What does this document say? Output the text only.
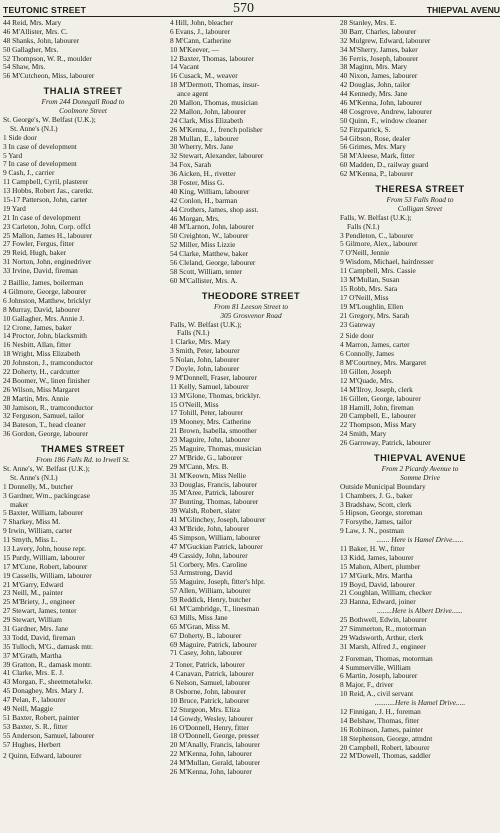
TEUTONIC STREET	570	THIEPVAL AVENU
44 Reid, Mrs. Mary
46 M'Allister, Mrs. C.
48 Shanks, John, labourer
50 Gallagher, Mrs.
52 Thompson, W. R., moulder
54 Shaw, Mrs.
56 M'Cutcheon, Miss, labourer
THALIA STREET
From 244 Donegall Road to
Coolmore Street
St. George's, W. Belfast (U.K.);
St. Anne's (N.I.)
1 Side door
3 In case of development
5 Yard
7 In case of development
9 Cash, J., carrier
11 Campbell, Cyril, plasterer
13 Hobbs, Robert Jas., caretkr.
15-17 Patterson, John, carter
19 Yard
21 In case of development
23 Carleton, John, Corp. offcl
25 Mallon, James H., labourer
27 Fowler, Fergus, fitter
29 Reid, Hugh, baker
31 Norton, John, enginedriver
33 Irvine, David, fireman
2 Baillie, James, boilerman
4 Gilmore, George, labourer
6 Johnston, Matthew, bricklyr
8 Murray, David, labourer
10 Gallagher, Mrs. Annie J.
12 Crone, James, baker
14 Proctor, John, blacksmith
16 Nesbitt, Allan, fitter
18 Wright, Miss Elizabeth
20 Johnston, J., tramconductor
22 Doherty, H., cardcutter
24 Boomer, W., linen finisher
26 Wilson, Miss Margaret
28 Martin, Mrs. Annie
30 Jamison, R., tramconductor
32 Ferguson, Samuel, tailor
34 Bateson, T., head cleaner
36 Gordon, George, labourer
THAMES STREET
From 186 Falls Rd. to Irwell St.
St. Anne's, W. Belfast (U.K.);
St. Anne's (N.I.)
1 Donnelly, M., butcher
3 Gardner, Wm., packingcase
maker
5 Baxter, William, labourer
7 Sharkey, Miss M.
9 Irwin, William, carter
11 Smyth, Miss L.
13 Lavery, John, house repr.
15 Purdy, William, labourer
17 M'Cune, Robert, labourer
19 Cassells, William, labourer
21 M'Garry, Edward
23 Neill, M., painter
25 M'Briety, J., engineer
27 Stewart, James, tenter
29 Stewart, William
31 Gardner, Mrs. Jane
33 Todd, David, fireman
35 Tulloch, M'G., damask mtr.
37 M'Grath, Martha
39 Gratton, R., damask montr.
41 Clarke, Mrs. E. J.
43 Morgan, F., sheetmetalwkr.
45 Donaghey, Mrs. Mary J.
47 Pelan, F., labourer
49 Neill, Maggie
51 Baxter, Robert, painter
53 Baxter, S. R., fitter
55 Anderson, Samuel, labourer
57 Hughes, Herbert
2 Quinn, Edward, labourer
4 Hill, John, bleacher
6 Evans, J., labourer
8 M'Cann, Catherine
10 M'Keever, —
12 Baxter, Thomas, labourer
14 Vacant
16 Cusack, M., weaver
18 M'Dermott, Thomas, insur-
ance agent
20 Mallon, Thomas, musician
22 Mallon, John, labourer
24 Clark, Miss Elizabeth
26 M'Kenna, J., french polisher
28 Mullan, E., labourer
30 Wherry, Mrs. Jane
32 Stewart, Alexander, labourer
34 Fox, Sarah
36 Aicken, H., rivetter
38 Foster, Miss G.
40 King, William, labourer
42 Conlon, H., barman
44 Crothers, James, shop asst.
46 Morgan, Mrs.
48 M'Larnon, John, labourer
50 Creighton, W., labourer
52 Miller, Miss Lizzie
54 Clarke, Matthew, baker
56 Cleland, George, labourer
58 Scott, William, tenter
60 M'Callister, Mrs. A.
THEODORE STREET
From 81 Leeson Street to
305 Grosvenor Road
Falls, W. Belfast (U.K.);
Falls (N.I.)
1 Clarke, Mrs. Mary
3 Smith, Peter, labourer
5 Nolan, John, labourer
7 Doyle, John, labourer
9 M'Donnell, Fraser, labourer
11 Kelly, Samuel, labourer
13 M'Glone, Thomas, bricklyr.
15 O'Neill, Miss
17 Tohill, Peter, labourer
19 Mooney, Mrs. Catherine
21 Brown, Isabella, smoother
23 Maguire, John, labourer
25 Maguire, Thomas, musician
27 M'Bride, G., labourer
29 M'Cann, Mrs. B.
31 M'Keown, Miss Nellie
33 Douglas, Francis, labourer
35 M'Aree, Patrick, labourer
37 Bunting, Thomas, labourer
39 Walsh, Robert, slater
41 M'Glinchey, Joseph, labourer
43 M'Bride, John, labourer
45 Simpson, William, labourer
47 M'Guckian Patrick, labourer
49 Cassidy, John, labourer
51 Corbery, Mrs. Caroline
53 Armstrong, David
55 Maguire, Joseph, fitter's hlpr.
57 Allen, William, labourer
59 Reddick, Henry, butcher
61 M'Cambridge, T., linesman
63 Mills, Miss Jane
65 M'Gran, Miss M.
67 Doherty, B., labourer
69 Maguire, Patrick, labourer
71 Casey, John, labourer
2 Toner, Patrick, labourer
4 Canavan, Patrick, labourer
6 Nelson, Samuel, labourer
8 Osborne, John, labourer
10 Bruce, Patrick, labourer
12 Sturgeon, Mrs. Eliza
14 Gowdy, Wesley, labourer
16 O'Donnell, Henry, fitter
18 O'Donnell, George, presser
20 M'Anally, Francis, labourer
22 M'Kenna, John, labourer
24 M'Mullan, Gerald, labourer
26 M'Kenna, John, labourer
28 Stanley, Mrs. E.
30 Barr, Charles, labourer
32 Mulgrew, Edward, labourer
34 M'Sherry, James, baker
36 Ferris, Joseph, labourer
38 Maginn, Mrs. Mary
40 Nixon, James, labourer
42 Douglas, John, tailor
44 Kennedy, Mrs. Jane
46 M'Kenna, John, labourer
48 Cosgrove, Andrew, labourer
50 Quinn, F., window cleaner
52 Fitzpatrick, S.
54 Gibson, Rose, dealer
56 Grimes, Mrs. Mary
58 M'Aleese, Mark, fitter
60 Madden, D., railway guard
62 M'Kenna, P., labourer
THERESA STREET
From 53 Falls Road to
Colligan Street
Falls, W. Belfast (U.K.);
Falls (N.I.)
3 Pendleton, C., labourer
5 Gilmore, Alex., labourer
7 O'Neill, Jennie
9 Wisdom, Michael, hairdresser
11 Campbell, Mrs. Cassie
13 M'Mullan, Susan
15 Robb, Mrs. Sara
17 O'Neill, Miss
19 M'Loughlin, Ellen
21 Gregory, Mrs. Sarah
23 Gateway
2 Side door
4 Marron, James, carter
6 Connolly, James
8 M'Courtney, Mrs. Margaret
10 Gillen, Joseph
12 M'Quade, Mrs.
14 M'Ilroy, Joseph, clerk
16 Gillen, George, labourer
18 Hamill, John, fireman
20 Campbell, E., labourer
22 Thompson, Miss Mary
24 Smith, Mary
26 Garroway, Patrick, labourer
THIEPVAL AVENUE
From 2 Picardy Avenue to
Somme Drive
Outside Municipal Boundary
1 Chambers, J. G., baker
3 Bradshaw, Scott, clerk
5 Hipson, George, storeman
7 Forsythe, James, tailor
9 Law, J. N., postman
....... Here is Hamel Drive......
11 Baker, H. W., fitter
13 Kidd, James, labourer
15 Mahon, Albert, plumber
17 M'Gurk, Mrs. Martha
19 Boyd, David, labourer
21 Coughlan, William, checker
23 Hanna, Edward, joiner
........Here is Albert Drive......
25 Bothwell, Edwin, labourer
27 Simmerton, R., motorman
29 Wadsworth, Arthur, clerk
31 Marsh, Alfred J., engineer
2 Foreman, Thomas, motorman
4 Summerville, William
6 Martin, Joseph, labourer
8 Major, F., driver
10 Reid, A., civil servant
...........Here is Hamel Drive.....
12 Finnigan, J. H., foreman
14 Belshaw, Thomas, fitter
16 Robinson, James, painter
18 Stephenson, George, attndnt
20 Campbell, Robert, labourer
22 M'Dowell, Thomas, saddler
